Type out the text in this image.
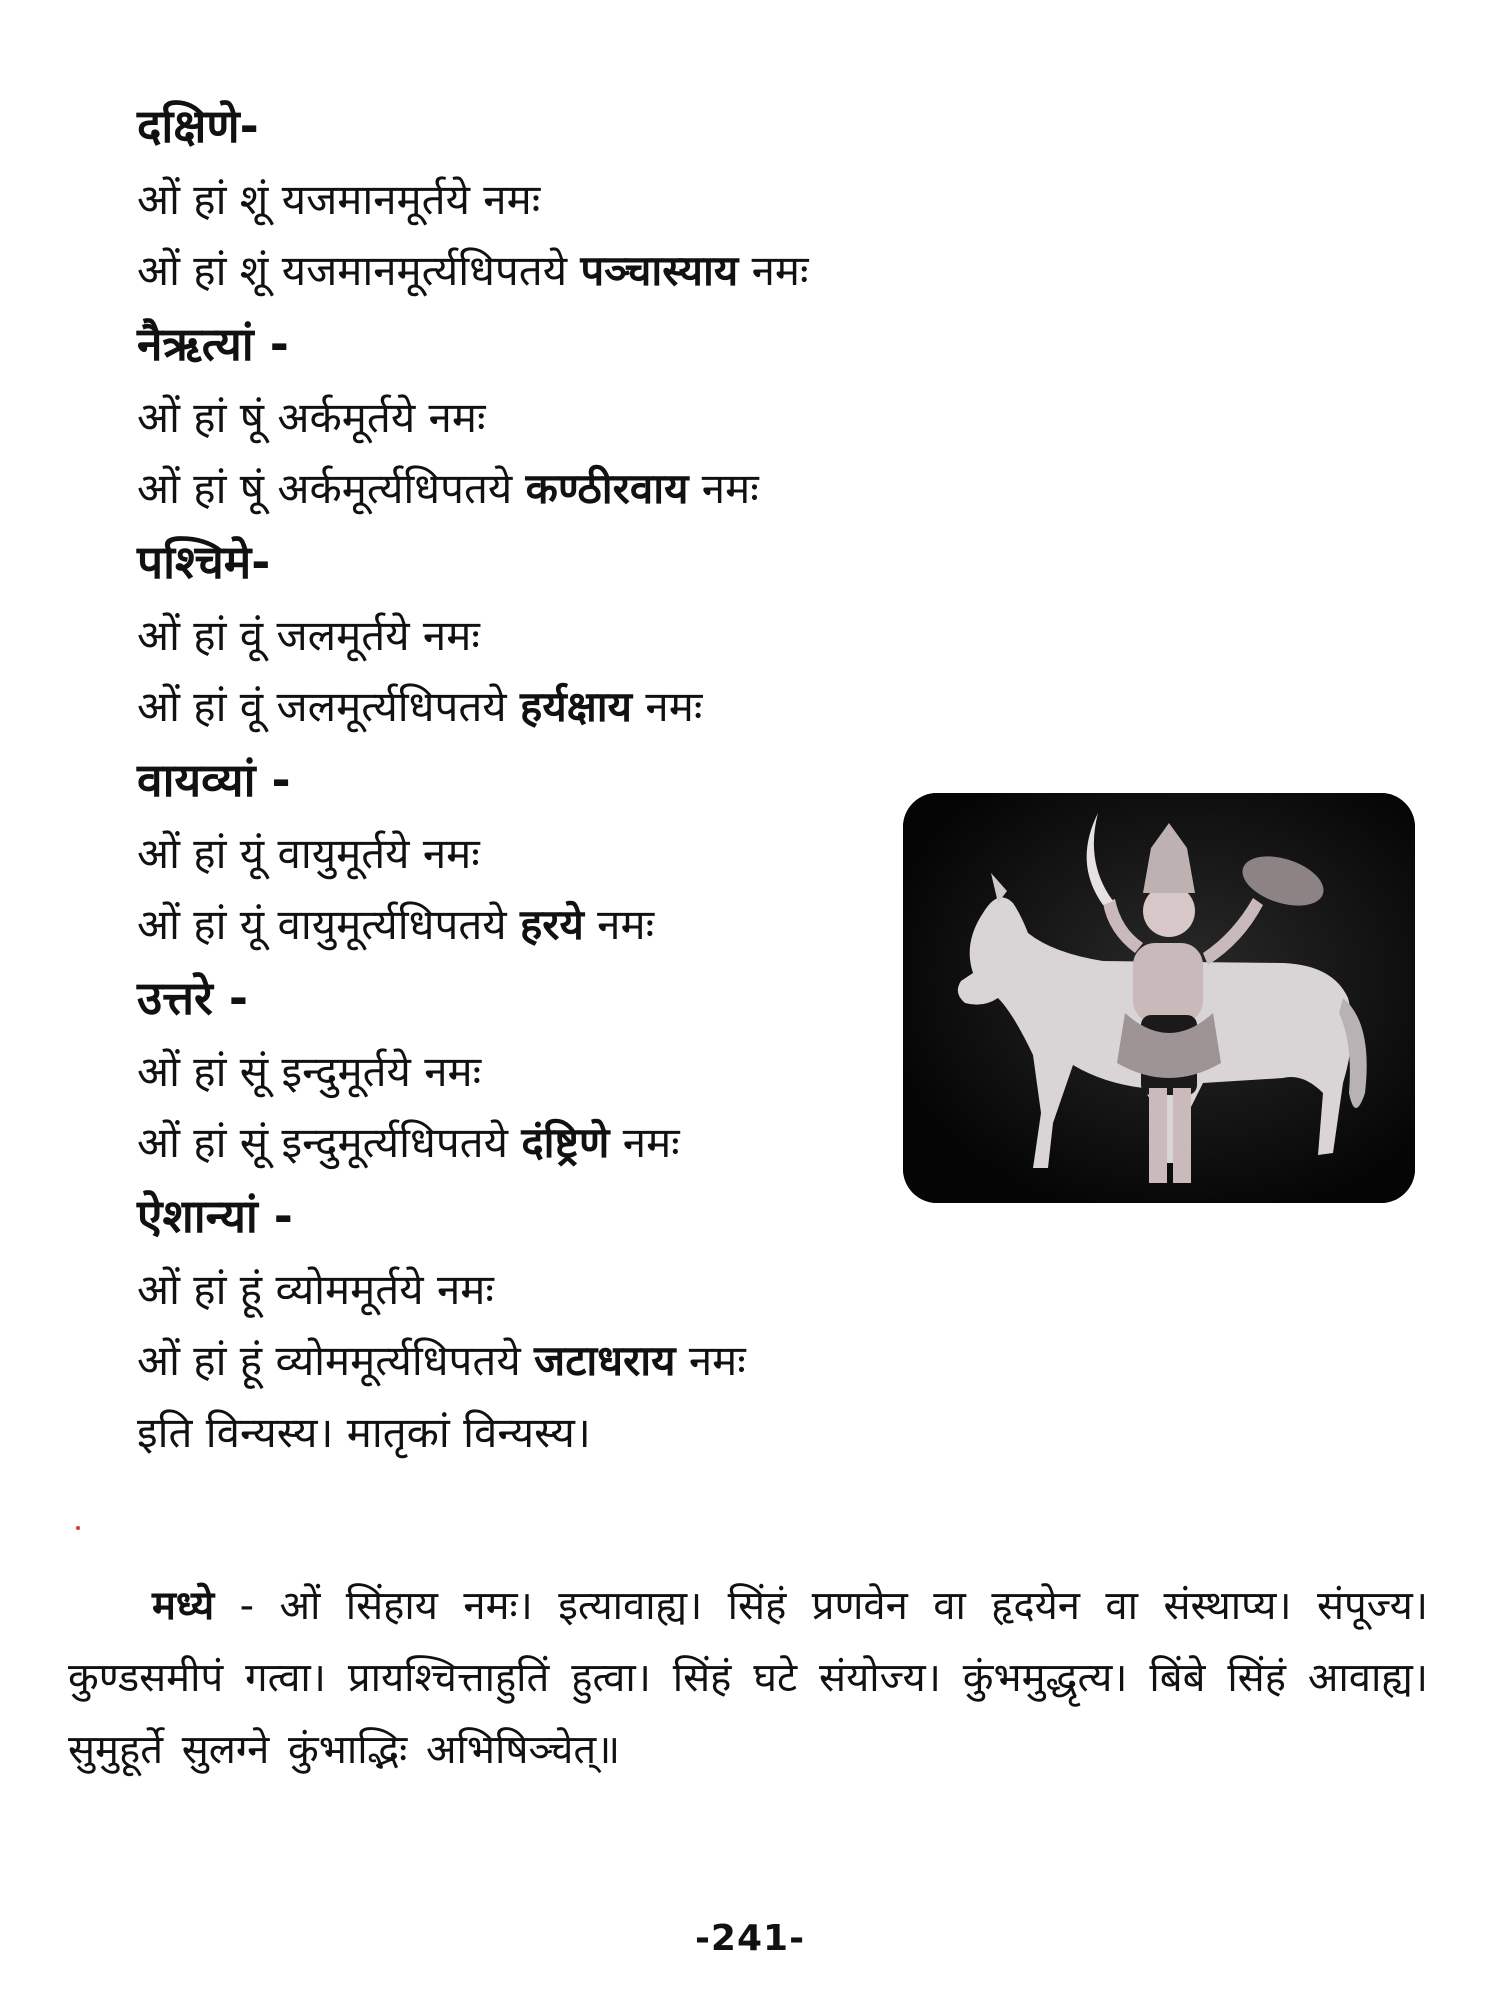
दक्षिणे-
ओं हां शूं यजमानमूर्तये नमः
ओं हां शूं यजमानमूर्त्यधिपतये पञ्चास्याय नमः
नैऋत्यां -
ओं हां षूं अर्कमूर्तये नमः
ओं हां षूं अर्कमूर्त्यधिपतये कण्ठीरवाय नमः
पश्चिमे-
ओं हां वूं जलमूर्तये नमः
ओं हां वूं जलमूर्त्यधिपतये हर्यक्षाय नमः
वायव्यां -
ओं हां यूं वायुमूर्तये नमः
ओं हां यूं वायुमूर्त्यधिपतये हरये नमः
उत्तरे -
ओं हां सूं इन्दुमूर्तये नमः
ओं हां सूं इन्दुमूर्त्यधिपतये दंष्ट्रिणे नमः
ऐशान्यां -
ओं हां हूं व्योममूर्तये नमः
ओं हां हूं व्योममूर्त्यधिपतये जटाधराय नमः
इति विन्यस्य। मातृकां विन्यस्य।
मध्ये - ओं सिंहाय नमः। इत्यावाह्य। सिंहं प्रणवेन वा हृदयेन वा संस्थाप्य। संपूज्य। कुण्डसमीपं गत्वा। प्रायश्चित्ताहुतिं हुत्वा। सिंहं घटे संयोज्य। कुंभमुद्धृत्य। बिंबे सिंहं आवाह्य। सुमुहूर्ते सुलग्ने कुंभाद्भिः अभिषिञ्चेत्॥
-241-
